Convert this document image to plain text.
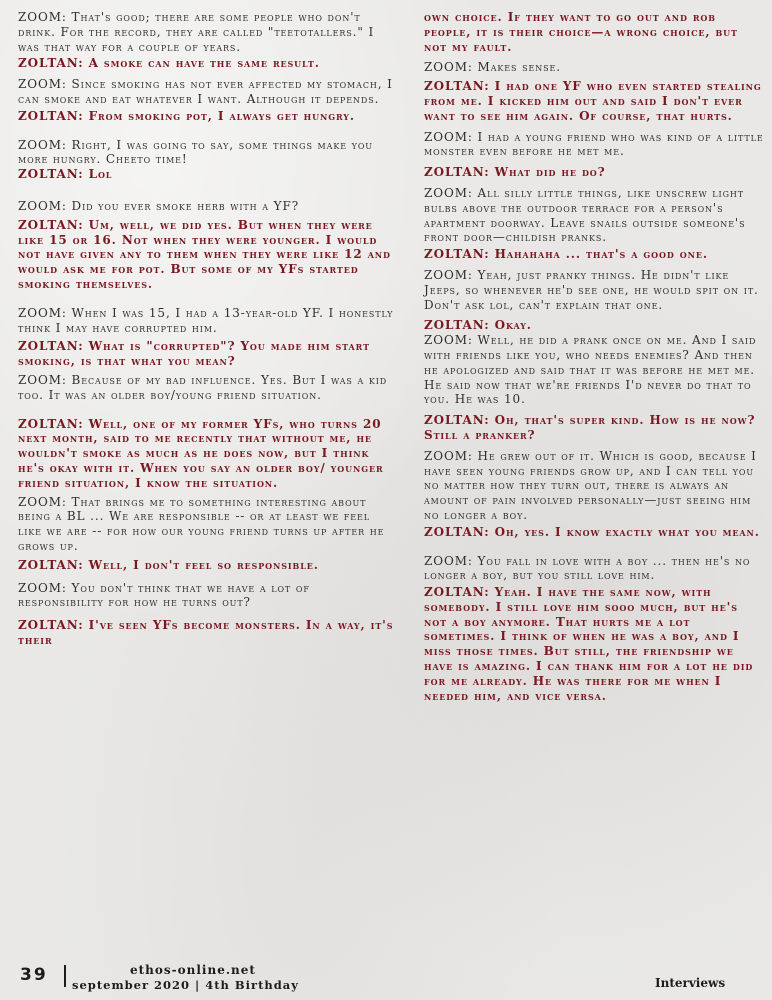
ZOOM: That's good; there are some people who don't drink. For the record, they are called "teetotallers." I was that way for a couple of years.

ZOLTAN: A smoke can have the same result.

ZOOM: Since smoking has not ever affected my stomach, I can smoke and eat whatever I want. Although it depends.

ZOLTAN: From smoking pot, I always get hungry.

ZOOM: Right, I was going to say, some things make you more hungry. Cheeto time!

ZOLTAN: Lol

ZOOM: Did you ever smoke herb with a YF?

ZOLTAN: Um, well, we did yes. But when they were like 15 or 16. Not when they were younger. I would not have given any to them when they were like 12 and would ask me for pot. But some of my YFs started smoking themselves.

ZOOM: When I was 15, I had a 13-year-old YF. I honestly think I may have corrupted him.

ZOLTAN: What is "corrupted"? You made him start smoking, is that what you mean?

ZOOM: Because of my bad influence. Yes. But I was a kid too. It was an older boy/young friend situation.

ZOLTAN: Well, one of my former YFs, who turns 20 next month, said to me recently that without me, he wouldn't smoke as much as he does now, but I think he's okay with it. When you say an older boy/ younger friend situation, I know the situation.

ZOOM: That brings me to something interesting about being a BL ... We are responsible -- or at least we feel like we are -- for how our young friend turns up after he grows up.

ZOLTAN: Well, I don't feel so responsible.

ZOOM: You don't think that we have a lot of responsibility for how he turns out?

ZOLTAN: I've seen YFs become monsters. In a way, it's their

own choice. If they want to go out and rob people, it is their choice—a wrong choice, but not my fault.

ZOOM: Makes sense.

ZOLTAN: I had one YF who even started stealing from me. I kicked him out and said I don't ever want to see him again. Of course, that hurts.

ZOOM: I had a young friend who was kind of a little monster even before he met me.

ZOLTAN: What did he do?

ZOOM: All silly little things, like unscrew light bulbs above the outdoor terrace for a person's apartment doorway. Leave snails outside someone's front door—childish pranks.

ZOLTAN: Hahahaha ... that's a good one.

ZOOM: Yeah, just pranky things. He didn't like Jeeps, so whenever he'd see one, he would spit on it. Don't ask lol, can't explain that one.

ZOLTAN: Okay.

ZOOM: Well, he did a prank once on me. And I said with friends like you, who needs enemies? And then he apologized and said that it was before he met me. He said now that we're friends I'd never do that to you. He was 10.

ZOLTAN: Oh, that's super kind. How is he now? Still a pranker?

ZOOM: He grew out of it. Which is good, because I have seen young friends grow up, and I can tell you no matter how they turn out, there is always an amount of pain involved personally—just seeing him no longer a boy.

ZOLTAN: Oh, yes. I know exactly what you mean.

ZOOM: You fall in love with a boy ... then he's no longer a boy, but you still love him.

ZOLTAN: Yeah. I have the same now, with somebody. I still love him sooo much, but he's not a boy anymore. That hurts me a lot sometimes. I think of when he was a boy, and I miss those times. But still, the friendship we have is amazing. I can thank him for a lot he did for me already. He was there for me when I needed him, and vice versa.

39	ethos-online.net
september 2020 | 4th Birthday	Interviews
